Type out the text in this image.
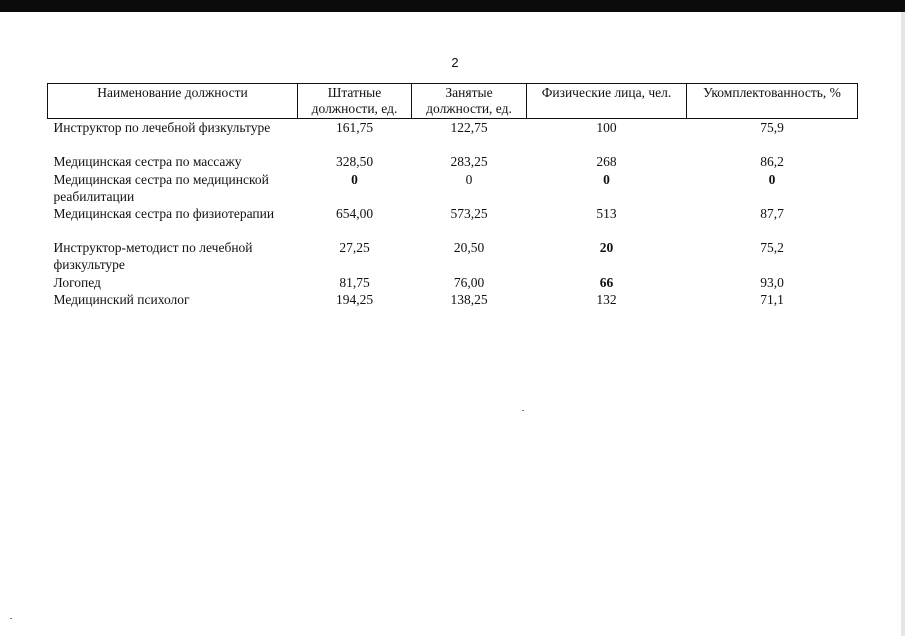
2
Наименование должности	Штатные должности, ед.	Занятые должности, ед.	Физические лица, чел.	Укомплектованность, %
Инструктор по лечебной физкультуре	161,75	122,75	100	75,9
Медицинская сестра по массажу	328,50	283,25	268	86,2
Медицинская сестра по медицинской реабилитации	0	0	0	0
Медицинская сестра по физиотерапии	654,00	573,25	513	87,7
Инструктор-методист по лечебной физкультуре	27,25	20,50	20	75,2
Логопед	81,75	76,00	66	93,0
Медицинский психолог	194,25	138,25	132	71,1
